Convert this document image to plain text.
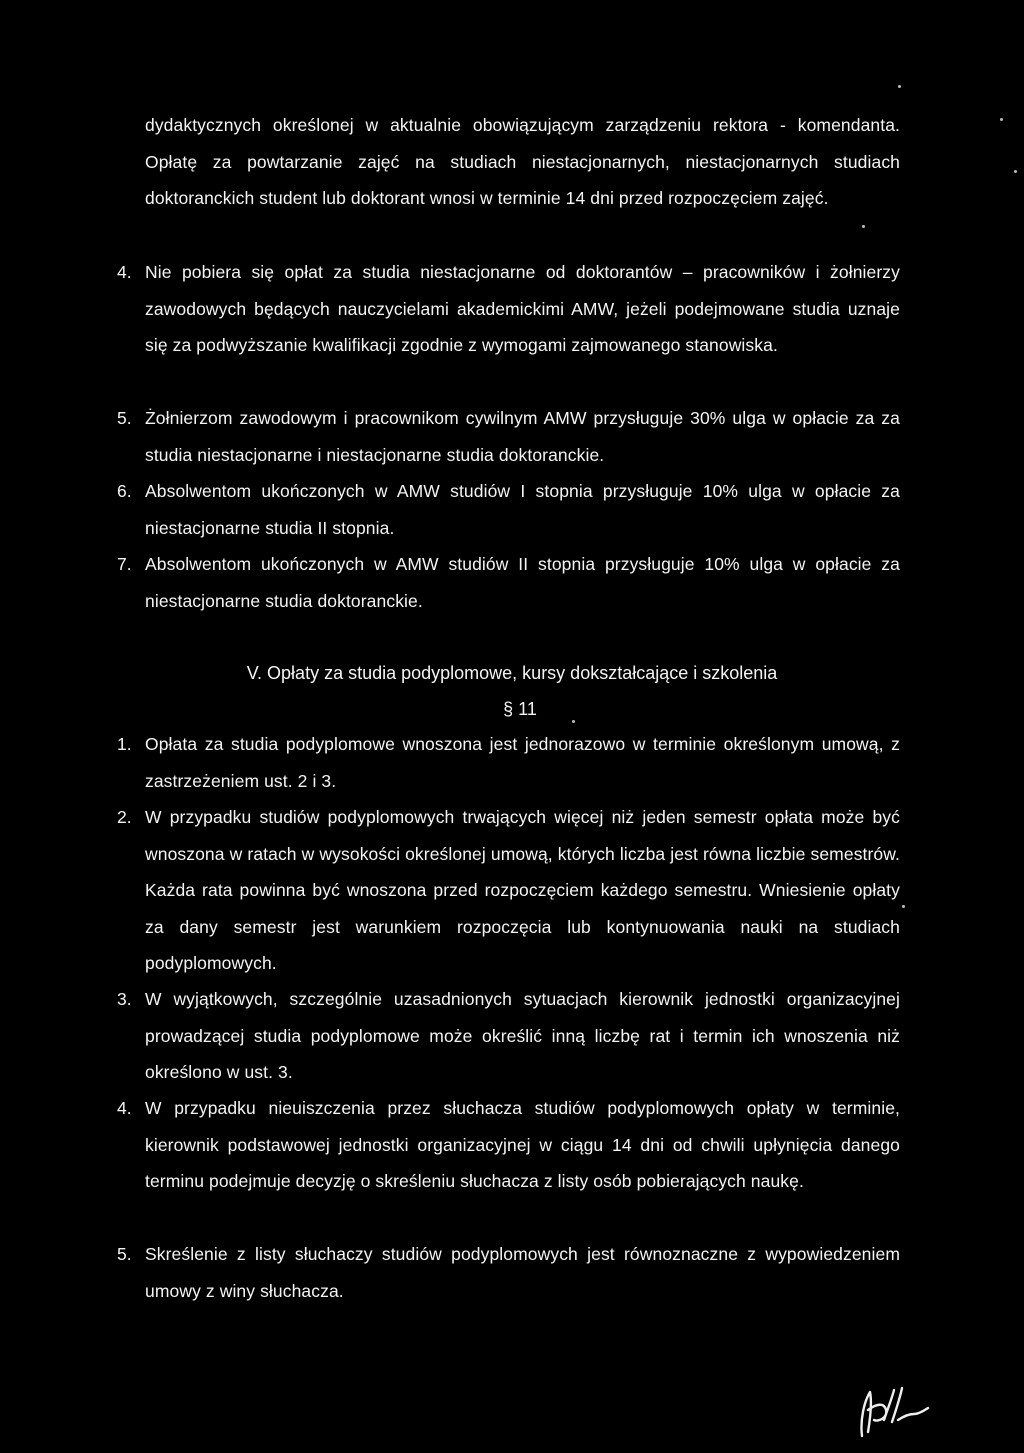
dydaktycznych określonej w aktualnie obowiązującym zarządzeniu rektora - komendanta. Opłatę za powtarzanie zajęć na studiach niestacjonarnych, niestacjonarnych studiach doktoranckich student lub doktorant wnosi w terminie 14 dni przed rozpoczęciem zajęć.
4. Nie pobiera się opłat za studia niestacjonarne od doktorantów – pracowników i żołnierzy zawodowych będących nauczycielami akademickimi AMW, jeżeli podejmowane studia uznaje się za podwyższanie kwalifikacji zgodnie z wymogami zajmowanego stanowiska.
5. Żołnierzom zawodowym i pracownikom cywilnym AMW przysługuje 30% ulga w opłacie za za studia niestacjonarne i niestacjonarne studia doktoranckie.
6. Absolwentom ukończonych w AMW studiów I stopnia przysługuje 10% ulga w opłacie za niestacjonarne studia II stopnia.
7. Absolwentom ukończonych w AMW studiów II stopnia przysługuje 10% ulga w opłacie za niestacjonarne studia doktoranckie.
V. Opłaty za studia podyplomowe, kursy dokształcające i szkolenia
§ 11
1. Opłata za studia podyplomowe wnoszona jest jednorazowo w terminie określonym umową, z zastrzeżeniem ust. 2 i 3.
2. W przypadku studiów podyplomowych trwających więcej niż jeden semestr opłata może być wnoszona w ratach w wysokości określonej umową, których liczba jest równa liczbie semestrów. Każda rata powinna być wnoszona przed rozpoczęciem każdego semestru. Wniesienie opłaty za dany semestr jest warunkiem rozpoczęcia lub kontynuowania nauki na studiach podyplomowych.
3. W wyjątkowych, szczególnie uzasadnionych sytuacjach kierownik jednostki organizacyjnej prowadzącej studia podyplomowe może określić inną liczbę rat i termin ich wnoszenia niż określono w ust. 3.
4. W przypadku nieuiszczenia przez słuchacza studiów podyplomowych opłaty w terminie, kierownik podstawowej jednostki organizacyjnej w ciągu 14 dni od chwili upłynięcia danego terminu podejmuje decyzję o skreśleniu słuchacza z listy osób pobierających naukę.
5. Skreślenie z listy słuchaczy studiów podyplomowych jest równoznaczne z wypowiedzeniem umowy z winy słuchacza.
